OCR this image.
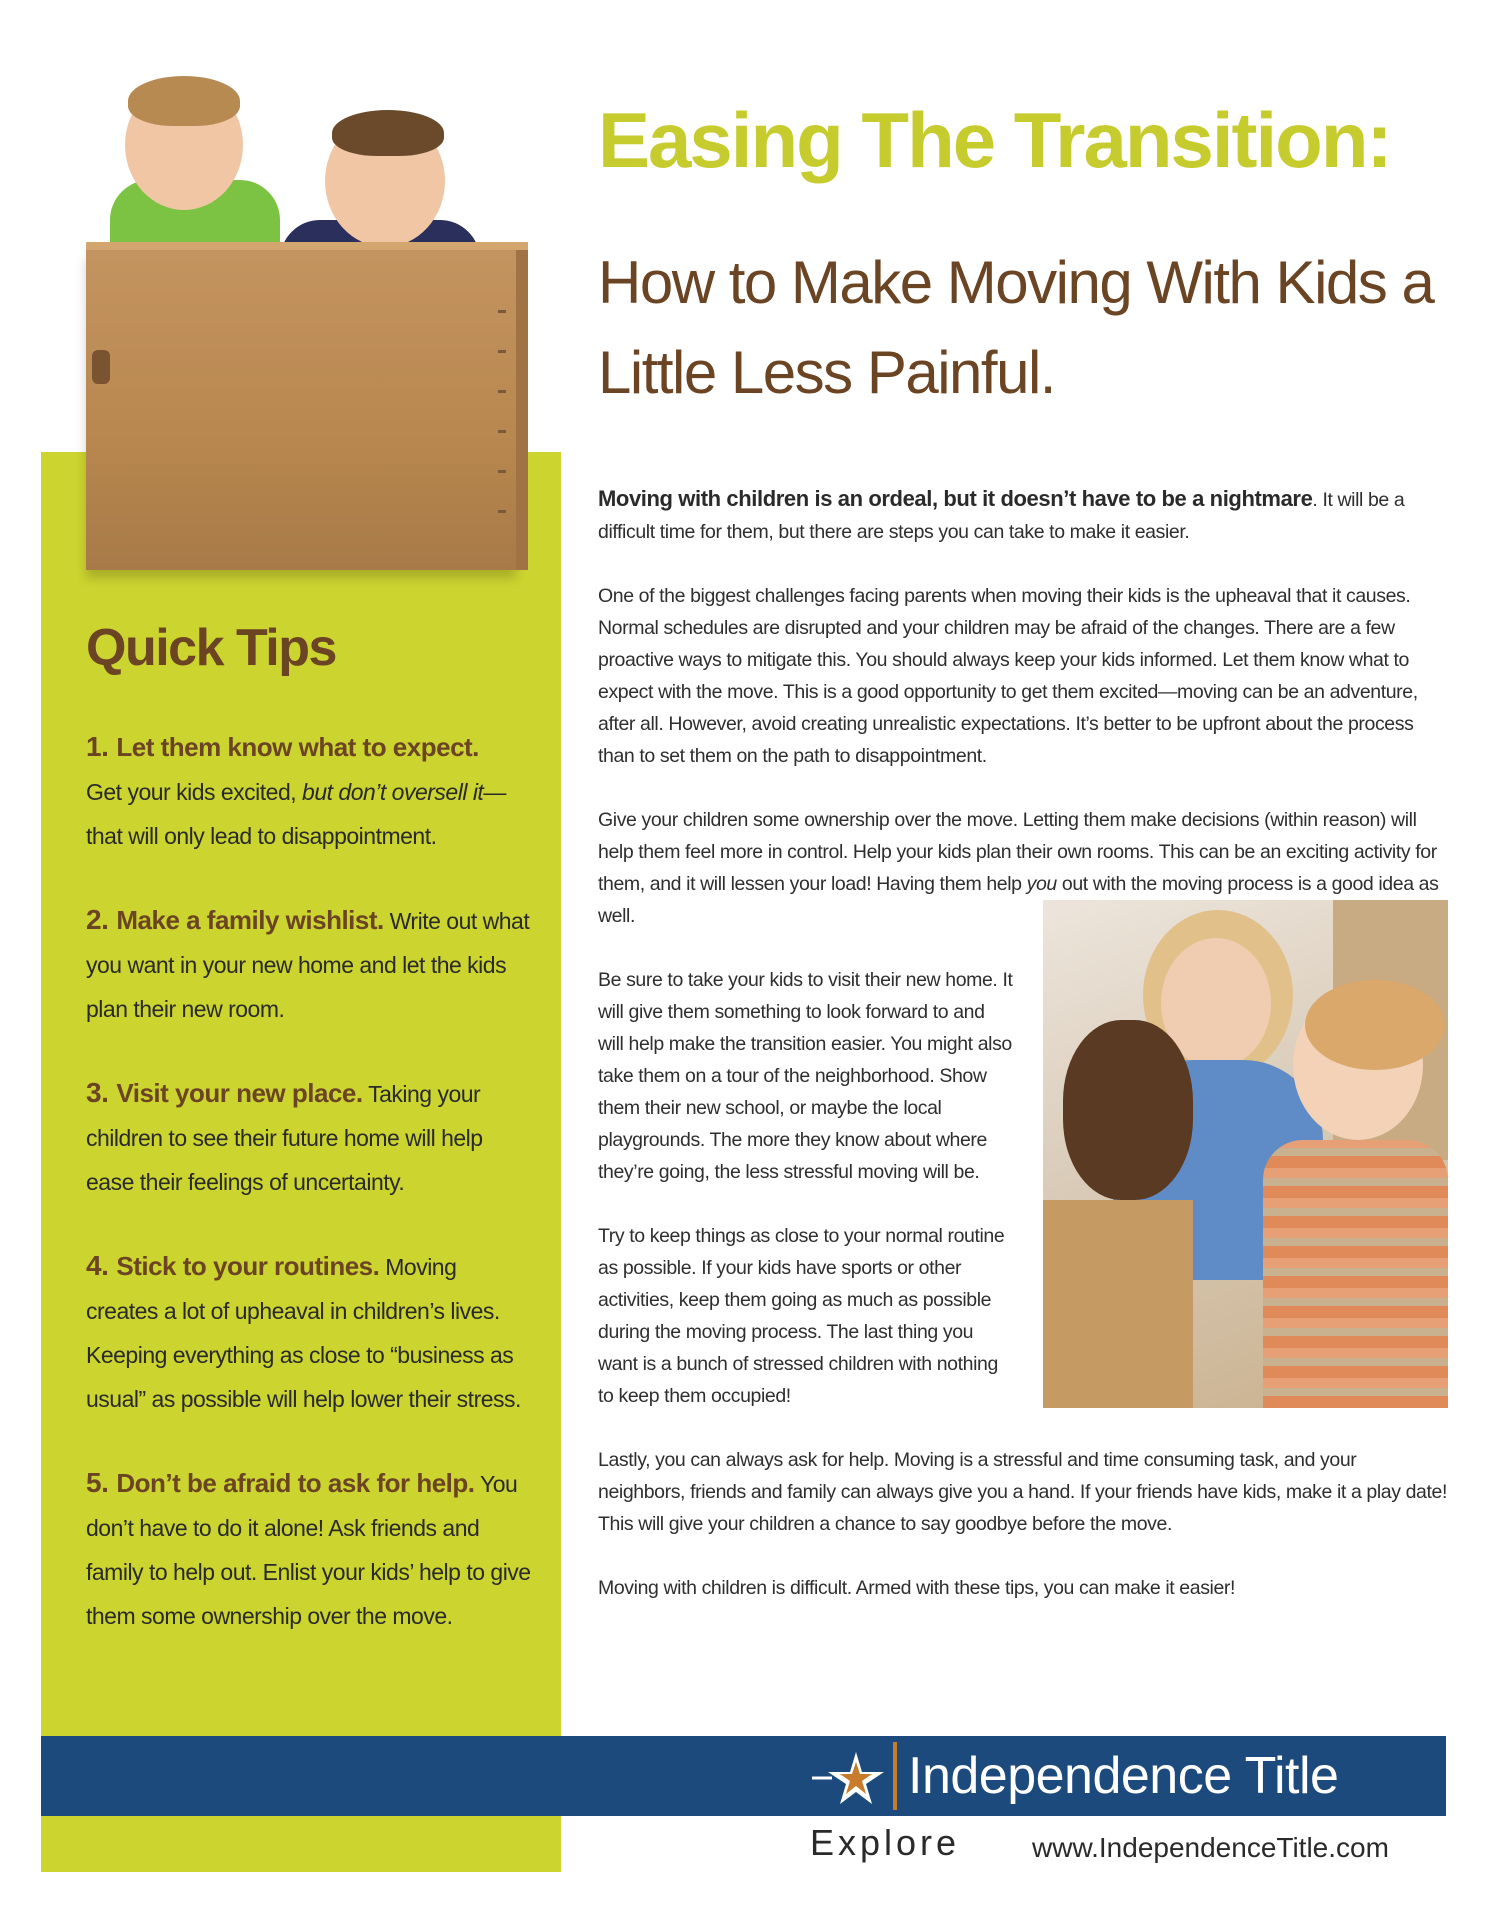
Easing The Transition:
How to Make Moving With Kids a Little Less Painful.
Quick Tips
1. Let them know what to expect.
Get your kids excited, but don’t oversell it—that will only lead to disappointment.
2. Make a family wishlist. Write out what you want in your new home and let the kids plan their new room.
3. Visit your new place. Taking your children to see their future home will help ease their feelings of uncertainty.
4. Stick to your routines. Moving creates a lot of upheaval in children’s lives. Keeping everything as close to “business as usual” as possible will help lower their stress.
5. Don’t be afraid to ask for help. You don’t have to do it alone! Ask friends and family to help out. Enlist your kids’ help to give them some ownership over the move.

Moving with children is an ordeal, but it doesn’t have to be a nightmare. It will be a difficult time for them, but there are steps you can take to make it easier.

One of the biggest challenges facing parents when moving their kids is the upheaval that it causes. Normal schedules are disrupted and your children may be afraid of the changes. There are a few proactive ways to mitigate this. You should always keep your kids informed. Let them know what to expect with the move. This is a good opportunity to get them excited—moving can be an adventure, after all. However, avoid creating unrealistic expectations. It’s better to be upfront about the process than to set them on the path to disappointment.

Give your children some ownership over the move. Letting them make decisions (within reason) will help them feel more in control. Help your kids plan their own rooms. This can be an exciting activity for them, and it will lessen your load! Having them help
you out with the moving process is a good idea as well.

Be sure to take your kids to visit their new home. It will give them something to look forward to and will help make the transition easier. You might also take them on a tour of the neighborhood. Show them their new school, or maybe the local playgrounds. The more they know about where they’re going, the less stressful moving will be.

Try to keep things as close to your normal routine as possible. If your kids have sports or other activities, keep them going as much as possible during the moving process. The last thing you want is a bunch of stressed children with nothing to keep them occupied!

Lastly, you can always ask for help. Moving is a stressful and time consuming task, and your neighbors, friends and family can always give you a hand. If your friends have kids, make it a play date! This will give your children a chance to say goodbye before the move.

Moving with children is difficult. Armed with these tips, you can make it easier!

Independence Title
Explore	www.IndependenceTitle.com
